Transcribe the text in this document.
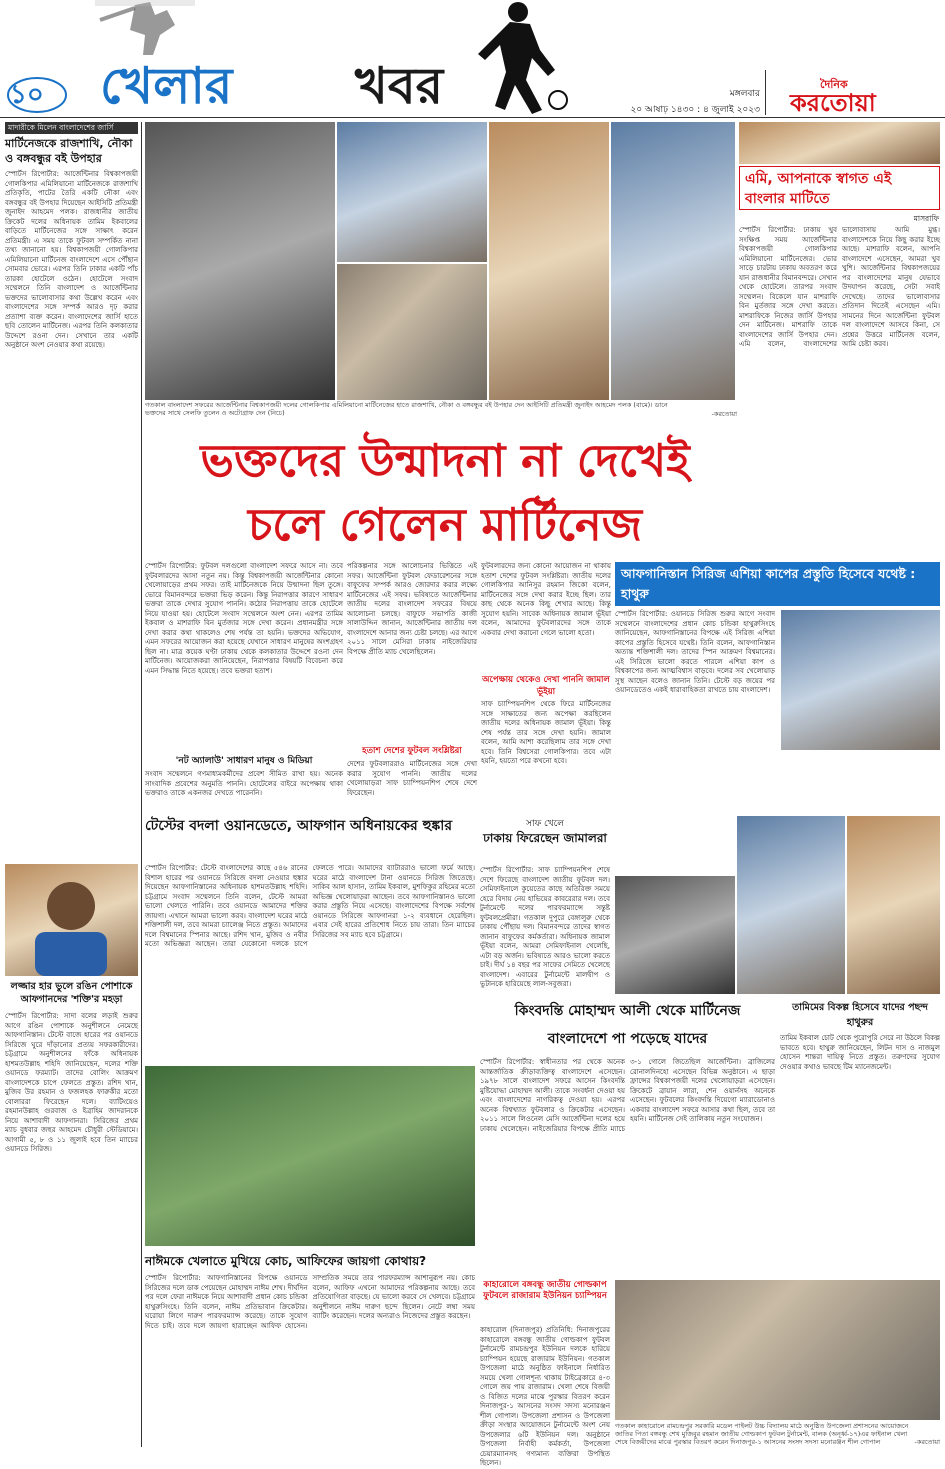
১০	খেলার	খবর	মঙ্গলবার
২০ আষাঢ় ১৪৩০ : ৪ জুলাই ২০২৩
দৈনিক
করতোয়া
মাদারীকে মিলেন বাংলাদেশের জার্সি
মার্টিনেজকে রাজশাখি, নৌকা ও বঙ্গবন্ধুর বই উপহার
স্পোর্টস রিপোর্টার: আর্জেন্টিনার বিশ্বকাপজয়ী গোলকিপার এমিলিয়ানো মার্টিনেজকে রাজশাখি প্রতিকৃতি, পাটের তৈরি একটি নৌকা এবং বঙ্গবন্ধুর বই উপহার দিয়েছেন আইসিটি প্রতিমন্ত্রী জুনাইদ আহমেদ পলক। রাজধানীর জাতীয় ক্রিকেট দলের অধিনায়ক তামিম ইকবালের বাড়িতে মার্টিনেজের সঙ্গে সাক্ষাৎ করেন প্রতিমন্ত্রী। এ সময় তাকে ফুটবল সম্পর্কিত নানা তথ্য জানানো হয়। বিশ্বকাপজয়ী গোলকিপার এমিলিয়ানো মার্টিনেজ বাংলাদেশে এসে পৌঁছান সোমবার ভোরে। এরপর তিনি ঢাকার একটি পাঁচ তারকা হোটেলে ওঠেন। হোটেলে সংবাদ সম্মেলনে তিনি বাংলাদেশ ও আর্জেন্টিনার ভক্তদের ভালোবাসার কথা উল্লেখ করেন এবং বাংলাদেশের সঙ্গে সম্পর্ক আরও দৃঢ় করার প্রত্যাশা ব্যক্ত করেন। বাংলাদেশের জার্সি হাতে ছবি তোলেন মার্টিনেজ। এরপর তিনি কলকাতার উদ্দেশে রওনা দেন। সেখানে তার একটি অনুষ্ঠানে অংশ নেওয়ার কথা রয়েছে।
লজ্জার হার ভুলে রঙিন পোশাকে আফগানদের 'শক্তি'র মহড়া
স্পোর্টস রিপোর্টার: সাদা বলের লড়াই শুরুর আগে রঙিন পোশাকে অনুশীলনে নেমেছে আফগানিস্তান। টেস্টে বাজে হারের পর ওয়ানডে সিরিজে ঘুরে দাঁড়ানোর প্রত্যয় সফরকারীদের। চট্টগ্রামে অনুশীলনের ফাঁকে অধিনায়ক হাশমতউল্লাহ শহিদি জানিয়েছেন, দলের শক্তি ওয়ানডে ফরম্যাট। তাদের বোলিং আক্রমণ বাংলাদেশকে চাপে ফেলতে প্রস্তুত। রশিদ খান, মুজিব উর রহমান ও ফজলহক ফারুকীর মতো বোলাররা ফিরেছেন দলে। ব্যাটিংয়েও রহমানউল্লাহ গুরবাজ ও ইব্রাহিম জাদরানকে নিয়ে আশাবাদী আফগানরা। সিরিজের প্রথম ম্যাচ বুধবার জহুর আহমেদ চৌধুরী স্টেডিয়ামে। আগামী ৫, ৮ ও ১১ জুলাই হবে তিন ম্যাচের ওয়ানডে সিরিজ।
গতকাল বাংলাদেশ সফরের আর্জেন্টিনার বিশ্বকাপজয়ী দলের গোলকিপার এমিলিয়ানো মার্টিনেজের হাতে রাজশাখি, নৌকা ও বঙ্গবন্ধুর বই উপহার দেন আইসিটি প্রতিমন্ত্রী জুনাইদ আহমেদ পলক (বামে)। ডানে ভক্তদের সাথে সেলফি তুলেন ও অটোগ্রাফ দেন (নিচে)	-করতোয়া
এমি, আপনাকে স্বাগত এই বাংলার মাটিতে
মাসরাফি
স্পোর্টস রিপোর্টার: ঢাকায় খুব সংক্ষিপ্ত সময় আর্জেন্টিনার বিশ্বকাপজয়ী গোলকিপার এমিলিয়ানো মার্টিনেজের। ভোর সাড়ে চারটায় ঢাকায় অবতরণ করে যান রাজধানীর বিমানবন্দরে। সেখান থেকে হোটেলে। তারপর সংবাদ সম্মেলন। বিকেলে যান মাশরাফি বিন মুর্তজার সঙ্গে দেখা করতে। মাশরাফিকে নিজের জার্সি উপহার দেন মার্টিনেজ। মাশরাফি তাকে বাংলাদেশের জার্সি উপহার দেন। এমি বলেন, বাংলাদেশের ভালোবাসায় আমি মুগ্ধ। বাংলাদেশকে নিয়ে কিছু করার ইচ্ছে আছে। মাশরাফি বলেন, আপনি বাংলাদেশে এসেছেন, আমরা খুব খুশি। আর্জেন্টিনার বিশ্বকাপজয়ের পর বাংলাদেশের মানুষ যেভাবে উদযাপন করেছে, সেটা সবাই দেখেছে। তাদের ভালোবাসার প্রতিদান দিতেই এসেছেন এমি। সামনের দিনে আর্জেন্টিনা ফুটবল দল বাংলাদেশে আসবে কিনা, সে প্রশ্নের উত্তরে মার্টিনেজ বলেন, আমি চেষ্টা করব।
ভক্তদের উন্মাদনা না দেখেই
চলে গেলেন মার্টিনেজ
স্পোর্টস রিপোর্টার: ফুটবল দলগুলো বাংলাদেশ সফরে আসে না। তবে ফুটবলারদের আসা নতুন নয়। কিন্তু বিশ্বকাপজয়ী আর্জেন্টিনার কোনো খেলোয়াড়ের প্রথম সফর। তাই মার্টিনেজকে নিয়ে উন্মাদনা ছিল তুঙ্গে। ভোরে বিমানবন্দরে ভক্তরা ভিড় করেন। কিন্তু নিরাপত্তার কারণে সাধারণ ভক্তরা তাকে দেখার সুযোগ পাননি। কঠোর নিরাপত্তায় তাকে হোটেলে নিয়ে যাওয়া হয়। হোটেলে সংবাদ সম্মেলনে অংশ নেন। এরপর তামিম ইকবাল ও মাশরাফি বিন মুর্তজার সঙ্গে দেখা করেন। প্রধানমন্ত্রীর সঙ্গে দেখা করার কথা থাকলেও শেষ পর্যন্ত তা হয়নি। ভক্তদের অভিযোগ, এমন সফরের আয়োজন করা হয়েছে যেখানে সাধারণ মানুষের অংশগ্রহণ ছিল না। মাত্র কয়েক ঘণ্টা ঢাকায় থেকে কলকাতার উদ্দেশে রওনা দেন মার্টিনেজ। আয়োজকরা জানিয়েছেন, নিরাপত্তার বিষয়টি বিবেচনা করে এমন সিদ্ধান্ত নিতে হয়েছে। তবে ভক্তরা হতাশ।
'নট অ্যালাউ' সাধারণ মানুষ ও মিডিয়া
সংবাদ সম্মেলনে গণমাধ্যমকর্মীদের প্রবেশ সীমিত রাখা হয়। অনেক সাংবাদিক প্রবেশের অনুমতি পাননি। হোটেলের বাইরে অপেক্ষায় থাকা ভক্তরাও তাকে একনজর দেখতে পারেননি।
পরিকল্পনার সঙ্গে আলোচনার ভিত্তিতে এই সফর। আর্জেন্টিনা ফুটবল ফেডারেশনের সঙ্গে বাফুফের সম্পর্ক আরও জোরদার করার লক্ষ্যে মার্টিনেজের এই সফর। ভবিষ্যতে আর্জেন্টিনার জাতীয় দলের বাংলাদেশ সফরের বিষয়ে আলোচনা চলছে। বাফুফে সভাপতি কাজী সালাউদ্দিন জানান, আর্জেন্টিনার জাতীয় দল বাংলাদেশে আনার জন্য চেষ্টা চলছে। এর আগে ২০১১ সালে মেসিরা ঢাকায় নাইজেরিয়ার বিপক্ষে প্রীতি ম্যাচ খেলেছিলেন।
হতাশ দেশের ফুটবল সংশ্লিষ্টরা
দেশের ফুটবলাররাও মার্টিনেজের সঙ্গে দেখা করার সুযোগ পাননি। জাতীয় দলের খেলোয়াড়রা সাফ চ্যাম্পিয়নশিপ শেষে দেশে ফিরেছেন।
ফুটবলারদের জন্য কোনো আয়োজন না থাকায় হতাশ দেশের ফুটবল সংশ্লিষ্টরা। জাতীয় দলের গোলকিপার আনিসুর রহমান জিকো বলেন, মার্টিনেজের সঙ্গে দেখা করার ইচ্ছে ছিল। তার কাছ থেকে অনেক কিছু শেখার আছে। কিন্তু সুযোগ হয়নি। সাবেক অধিনায়ক জামাল ভূঁইয়া বলেন, আমাদের ফুটবলারদের সঙ্গে তাকে একবার দেখা করানো গেলে ভালো হতো।
অপেক্ষায় থেকেও দেখা পাননি জামাল ভূঁইয়া
সাফ চ্যাম্পিয়নশিপ থেকে ফিরে মার্টিনেজের সঙ্গে সাক্ষাতের জন্য অপেক্ষা করছিলেন জাতীয় দলের অধিনায়ক জামাল ভূঁইয়া। কিন্তু শেষ পর্যন্ত তার সঙ্গে দেখা হয়নি। জামাল বলেন, আমি আশা করেছিলাম তার সঙ্গে দেখা হবে। তিনি বিশ্বসেরা গোলকিপার। তবে এটা হয়নি, হয়তো পরে কখনো হবে।
আফগানিস্তান সিরিজ এশিয়া কাপের প্রস্তুতি হিসেবে যথেষ্ট : হাথুরু
স্পোর্টস রিপোর্টার: ওয়ানডে সিরিজ শুরুর আগে সংবাদ সম্মেলনে বাংলাদেশের প্রধান কোচ চন্ডিকা হাথুরুসিংহে জানিয়েছেন, আফগানিস্তানের বিপক্ষে এই সিরিজ এশিয়া কাপের প্রস্তুতি হিসেবে যথেষ্ট। তিনি বলেন, আফগানিস্তান অত্যন্ত শক্তিশালী দল। তাদের স্পিন আক্রমণ বিশ্বমানের। এই সিরিজে ভালো করতে পারলে এশিয়া কাপ ও বিশ্বকাপের জন্য আত্মবিশ্বাস বাড়বে। দলের সব খেলোয়াড় সুস্থ আছেন বলেও জানান তিনি। টেস্টে বড় জয়ের পর ওয়ানডেতেও একই ধারাবাহিকতা রাখতে চায় বাংলাদেশ।
টেস্টের বদলা ওয়ানডেতে, আফগান অধিনায়কের হুঙ্কার
স্পোর্টস রিপোর্টার: টেস্টে বাংলাদেশের কাছে ৫৪৬ রানের বিশাল হারের পর ওয়ানডে সিরিজে বদলা নেওয়ার হুঙ্কার দিয়েছেন আফগানিস্তানের অধিনায়ক হাশমতউল্লাহ শহিদি। চট্টগ্রামে সংবাদ সম্মেলনে তিনি বলেন, টেস্টে আমরা ভালো খেলতে পারিনি। তবে ওয়ানডে আমাদের শক্তির জায়গা। এখানে আমরা ভালো করব। বাংলাদেশ ঘরের মাঠে শক্তিশালী দল, তবে আমরা চ্যালেঞ্জ নিতে প্রস্তুত। আমাদের দলে বিশ্বমানের স্পিনার আছে। রশিদ খান, মুজিব ও নবীর মতো অভিজ্ঞরা আছেন। তারা যেকোনো দলকে চাপে ফেলতে পারে। আমাদের ব্যাটাররাও ভালো ফর্মে আছে। ঘরের মাঠে বাংলাদেশ টানা ওয়ানডে সিরিজ জিতেছে। সাকিব আল হাসান, তামিম ইকবাল, মুশফিকুর রহিমের মতো অভিজ্ঞ খেলোয়াড়রা আছেন। তবে আফগানিস্তানও ভালো করার প্রস্তুতি নিয়ে এসেছে। বাংলাদেশের বিপক্ষে সর্বশেষ ওয়ানডে সিরিজে আফগানরা ১-২ ব্যবধানে হেরেছিল। এবার সেই হারের প্রতিশোধ নিতে চায় তারা। তিন ম্যাচের সিরিজের সব ম্যাচ হবে চট্টগ্রামে।
সাফ খেলে
ঢাকায় ফিরেছেন জামালরা
স্পোর্টস রিপোর্টার: সাফ চ্যাম্পিয়নশিপ শেষে দেশে ফিরেছে বাংলাদেশ জাতীয় ফুটবল দল। সেমিফাইনালে কুয়েতের কাছে অতিরিক্ত সময়ে হেরে বিদায় নেয় হাভিয়ের কাবরেরার দল। তবে টুর্নামেন্টে দলের পারফরম্যান্সে সন্তুষ্ট ফুটবলপ্রেমীরা। গতকাল দুপুরে বেঙ্গালুরু থেকে ঢাকায় পৌঁছায় দল। বিমানবন্দরে তাদের স্বাগত জানান বাফুফের কর্মকর্তারা। অধিনায়ক জামাল ভূঁইয়া বলেন, আমরা সেমিফাইনাল খেলেছি, এটা বড় অর্জন। ভবিষ্যতে আরও ভালো করতে চাই। দীর্ঘ ১৪ বছর পর সাফের সেমিতে খেলেছে বাংলাদেশ। এবারের টুর্নামেন্টে মালদ্বীপ ও ভুটানকে হারিয়েছে লাল-সবুজরা।
তামিমের বিকল্প হিসেবে যাদের পছন্দ হাথুরুর
তামিম ইকবাল চোট থেকে পুরোপুরি সেরে না উঠলে বিকল্প ভাবতে হবে। হাথুরু জানিয়েছেন, লিটন দাস ও নাজমুল হোসেন শান্তরা দায়িত্ব নিতে প্রস্তুত। তরুণদের সুযোগ দেওয়ার কথাও ভাবছে টিম ম্যানেজমেন্ট।
কিংবদন্তি মোহাম্মদ আলী থেকে মার্টিনেজ
বাংলাদেশে পা পড়েছে যাদের
স্পোর্টস রিপোর্টার: স্বাধীনতার পর থেকে অনেক আন্তর্জাতিক ক্রীড়াব্যক্তিত্ব বাংলাদেশে এসেছেন। ১৯৭৮ সালে বাংলাদেশ সফরে আসেন কিংবদন্তি মুষ্টিযোদ্ধা মোহাম্মদ আলী। তাকে সংবর্ধনা দেওয়া হয় এবং বাংলাদেশের নাগরিকত্ব দেওয়া হয়। এরপর অনেক বিশ্বখ্যাত ফুটবলার ও ক্রিকেটার এসেছেন। ২০১১ সালে লিওনেল মেসি আর্জেন্টিনা দলের হয়ে ঢাকায় খেলেছেন। নাইজেরিয়ার বিপক্ষে প্রীতি ম্যাচে ৩-১ গোলে জিতেছিল আর্জেন্টিনা। ব্রাজিলের রোনালদিনহো এসেছেন বিভিন্ন অনুষ্ঠানে। এ ছাড়া ফ্রান্সের বিশ্বকাপজয়ী দলের খেলোয়াড়রা এসেছেন। ক্রিকেটে ব্রায়ান লারা, শেন ওয়ার্নসহ অনেকে এসেছেন। ফুটবলের কিংবদন্তি দিয়েগো ম্যারাডোনাও একবার বাংলাদেশ সফরে আসার কথা ছিল, তবে তা হয়নি। মার্টিনেজ সেই তালিকায় নতুন সংযোজন।
নাঈমকে খেলাতে মুখিয়ে কোচ, আফিফের জায়গা কোথায়?
স্পোর্টস রিপোর্টার: আফগানিস্তানের বিপক্ষে ওয়ানডে সিরিজের দলে ডাক পেয়েছেন মোহাম্মদ নাঈম শেখ। দীর্ঘদিন পর দলে ফেরা নাঈমকে নিয়ে আশাবাদী প্রধান কোচ চন্ডিকা হাথুরুসিংহে। তিনি বলেন, নাঈম প্রতিভাবান ক্রিকেটার। ঘরোয়া লিগে দারুণ পারফরম্যান্স করেছে। তাকে সুযোগ দিতে চাই। তবে দলে জায়গা হারাচ্ছেন আফিফ হোসেন। সাম্প্রতিক সময়ে তার পারফরম্যান্স আশানুরূপ নয়। কোচ বলেন, আফিফ এখনো আমাদের পরিকল্পনায় আছে। তবে প্রতিযোগিতা বাড়ছে। যে ভালো করবে সে খেলবে। চট্টগ্রামে অনুশীলনে নাঈম দারুণ ছন্দে ছিলেন। নেটে লম্বা সময় ব্যাটিং করেছেন। দলের অন্যরাও নিজেদের প্রস্তুত করছেন।
কাহারোলে বঙ্গবন্ধু জাতীয় গোল্ডকাপ ফুটবলে রাজারাম ইউনিয়ন চ্যাম্পিয়ন
কাহারোল (দিনাজপুর) প্রতিনিধি: দিনাজপুরের কাহারোলে বঙ্গবন্ধু জাতীয় গোল্ডকাপ ফুটবল টুর্নামেন্টে রামচন্দ্রপুর ইউনিয়ন দলকে হারিয়ে চ্যাম্পিয়ন হয়েছে রাজারাম ইউনিয়ন। গতকাল উপজেলা মাঠে অনুষ্ঠিত ফাইনালে নির্ধারিত সময়ে খেলা গোলশূন্য থাকায় টাইব্রেকারে ৪-৩ গোলে জয় পায় রাজারাম। খেলা শেষে বিজয়ী ও বিজিত দলের মাঝে পুরস্কার বিতরণ করেন দিনাজপুর-১ আসনের সংসদ সদস্য মনোরঞ্জন শীল গোপাল। উপজেলা প্রশাসন ও উপজেলা ক্রীড়া সংস্থার আয়োজনে টুর্নামেন্টে অংশ নেয় উপজেলার ৬টি ইউনিয়ন দল। অনুষ্ঠানে উপজেলা নির্বাহী কর্মকর্তা, উপজেলা চেয়ারম্যানসহ গণ্যমান্য ব্যক্তিরা উপস্থিত ছিলেন।
গতকাল কাহারোলে রামচন্দ্রপুর সরকারি মডেল পাইলট উচ্চ বিদ্যালয় মাঠে অনুষ্ঠিত উপজেলা প্রশাসনের আয়োজনে জাতির পিতা বঙ্গবন্ধু শেখ মুজিবুর রহমান জাতীয় গোল্ডকাপ ফুটবল টুর্নামেন্ট, বালক (অনূর্ধ্ব-১৭)এর ফাইনাল খেলা শেষে বিজয়ীদের মাঝে পুরস্কার বিতরণ করেন দিনাজপুর-১ আসনের সংসদ সদস্য মনোরঞ্জন শীল গোপাল	-করতোয়া
